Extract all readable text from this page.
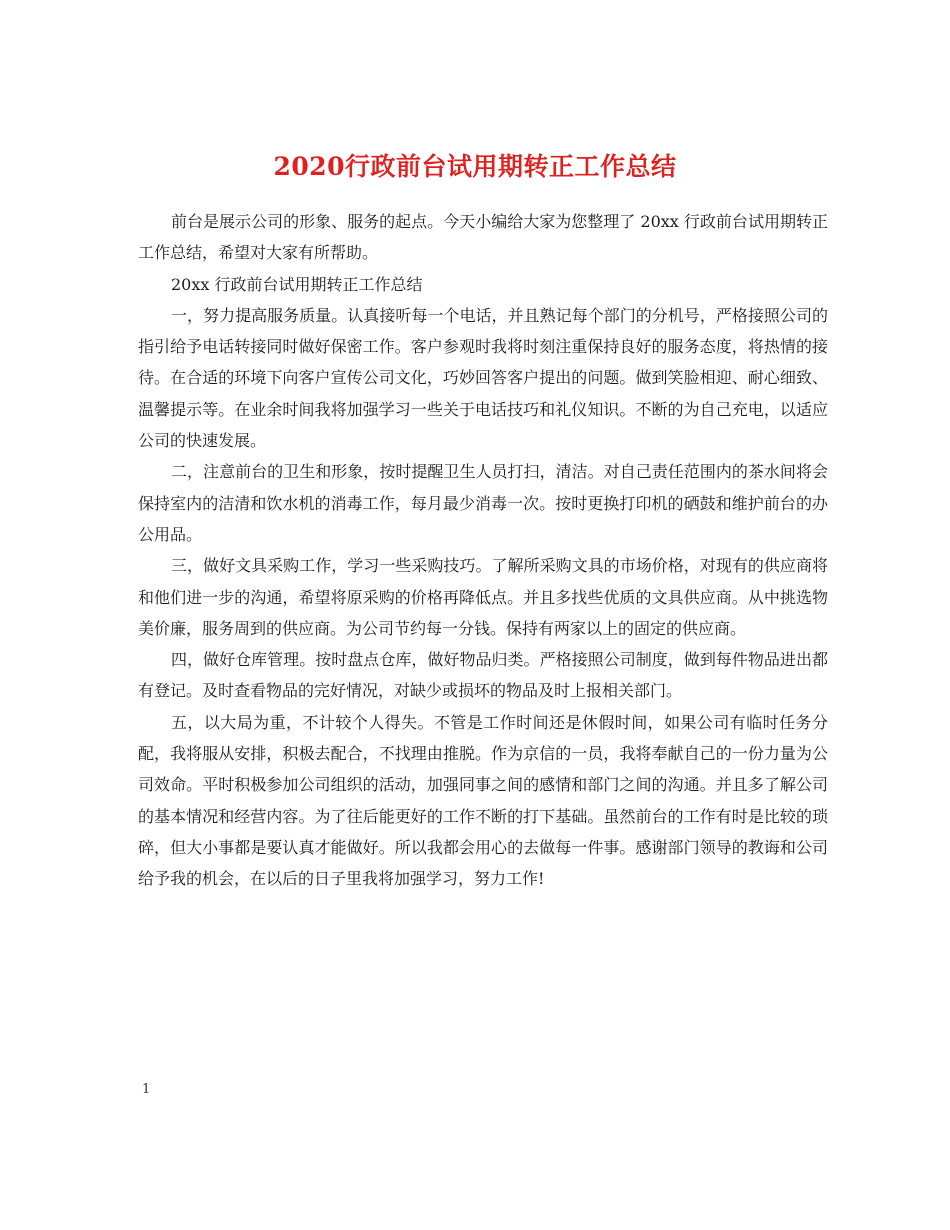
2020行政前台试用期转正工作总结

前台是展示公司的形象、服务的起点。今天小编给大家为您整理了 20xx 行政前台试用期转正工作总结，希望对大家有所帮助。

20xx 行政前台试用期转正工作总结

一，努力提高服务质量。认真接听每一个电话，并且熟记每个部门的分机号，严格接照公司的指引给予电话转接同时做好保密工作。客户参观时我将时刻注重保持良好的服务态度，将热情的接待。在合适的环境下向客户宣传公司文化，巧妙回答客户提出的问题。做到笑脸相迎、耐心细致、温馨提示等。在业余时间我将加强学习一些关于电话技巧和礼仪知识。不断的为自己充电，以适应公司的快速发展。

二，注意前台的卫生和形象，按时提醒卫生人员打扫，清洁。对自己责任范围内的茶水间将会保持室内的洁清和饮水机的消毒工作，每月最少消毒一次。按时更换打印机的硒鼓和维护前台的办公用品。

三，做好文具采购工作，学习一些采购技巧。了解所采购文具的市场价格，对现有的供应商将和他们进一步的沟通，希望将原采购的价格再降低点。并且多找些优质的文具供应商。从中挑选物美价廉，服务周到的供应商。为公司节约每一分钱。保持有两家以上的固定的供应商。

四，做好仓库管理。按时盘点仓库，做好物品归类。严格接照公司制度，做到每件物品进出都有登记。及时查看物品的完好情况，对缺少或损坏的物品及时上报相关部门。

五，以大局为重，不计较个人得失。不管是工作时间还是休假时间，如果公司有临时任务分配，我将服从安排，积极去配合，不找理由推脱。作为京信的一员，我将奉献自己的一份力量为公司效命。平时积极参加公司组织的活动，加强同事之间的感情和部门之间的沟通。并且多了解公司的基本情况和经营内容。为了往后能更好的工作不断的打下基础。虽然前台的工作有时是比较的琐碎，但大小事都是要认真才能做好。所以我都会用心的去做每一件事。感谢部门领导的教诲和公司给予我的机会，在以后的日子里我将加强学习，努力工作!

1
